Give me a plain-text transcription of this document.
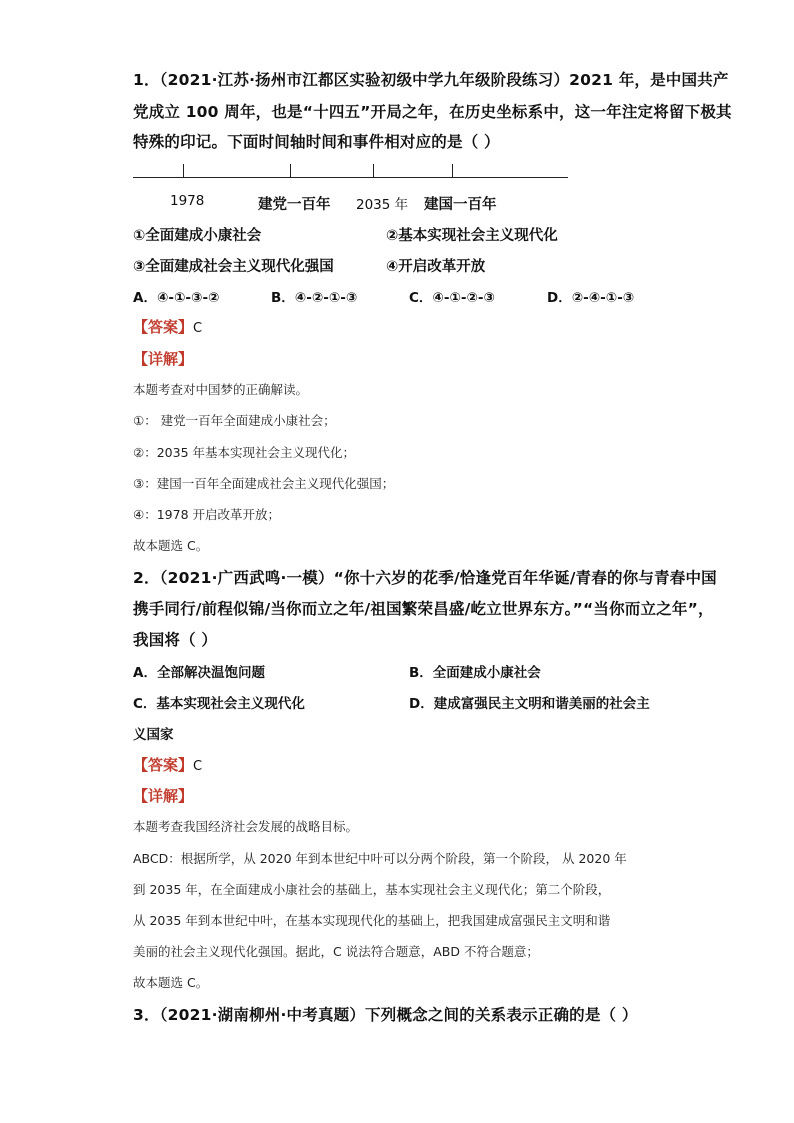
1．（2021·江苏·扬州市江都区实验初级中学九年级阶段练习）2021 年，是中国共产
党成立 100 周年，也是“十四五”开局之年，在历史坐标系中，这一年注定将留下极其
特殊的印记。下面时间轴时间和事件相对应的是（ ）
1978	建党一百年 2035 年 建国一百年
①全面建成小康社会	②基本实现社会主义现代化
③全面建成社会主义现代化强国	④开启改革开放
A．④-①-③-②	B．④-②-①-③	C．④-①-②-③	D．②-④-①-③
【答案】C
【详解】
本题考查对中国梦的正确解读。
①： 建党一百年全面建成小康社会；
②：2035 年基本实现社会主义现代化；
③：建国一百年全面建成社会主义现代化强国；
④：1978 开启改革开放；
故本题选 C。
2．（2021·广西武鸣·一模）“你十六岁的花季/恰逢党百年华诞/青春的你与青春中国
携手同行/前程似锦/当你而立之年/祖国繁荣昌盛/屹立世界东方。”“当你而立之年”，
我国将（ ）
A．全部解决温饱问题	B．全面建成小康社会
C．基本实现社会主义现代化	D．建成富强民主文明和谐美丽的社会主
义国家
【答案】C
【详解】
本题考查我国经济社会发展的战略目标。
ABCD：根据所学，从 2020 年到本世纪中叶可以分两个阶段，第一个阶段， 从 2020 年
到 2035 年，在全面建成小康社会的基础上，基本实现社会主义现代化；第二个阶段，
从 2035 年到本世纪中叶，在基本实现现代化的基础上，把我国建成富强民主文明和谐
美丽的社会主义现代化强国。据此，C 说法符合题意，ABD 不符合题意；
故本题选 C。
3．（2021·湖南柳州·中考真题）下列概念之间的关系表示正确的是（ ）
